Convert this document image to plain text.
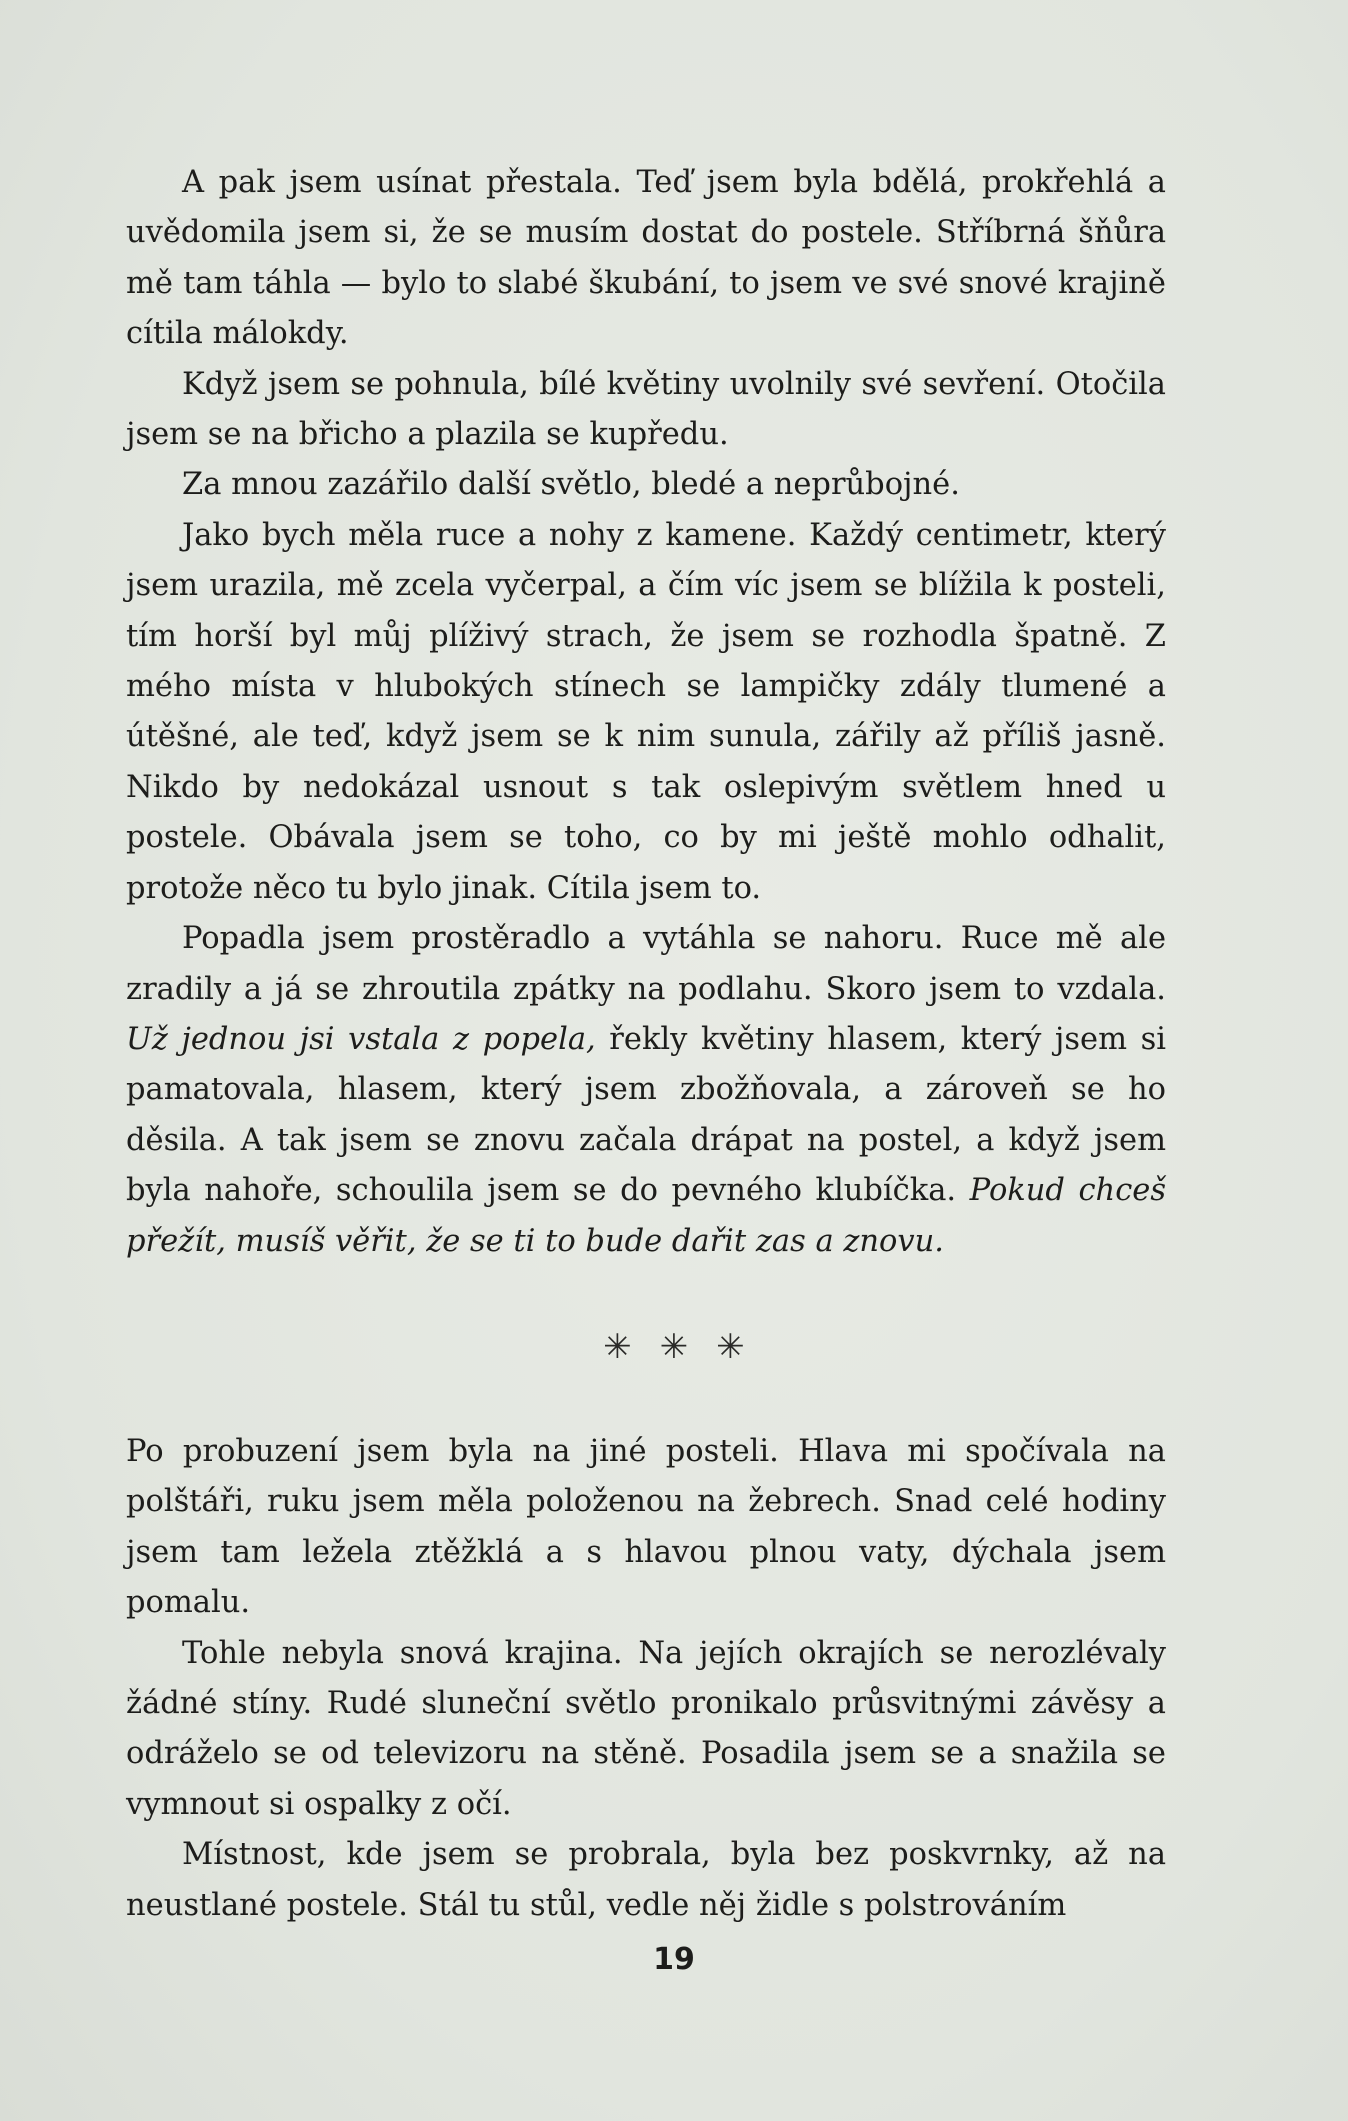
A pak jsem usínat přestala. Teď jsem byla bdělá, prokřehlá a uvědomila jsem si, že se musím dostat do postele. Stříbrná šňůra mě tam táhla — bylo to slabé škubání, to jsem ve své snové krajině cítila málokdy.

Když jsem se pohnula, bílé květiny uvolnily své sevření. Otočila jsem se na břicho a plazila se kupředu.

Za mnou zazářilo další světlo, bledé a neprůbojné.

Jako bych měla ruce a nohy z kamene. Každý centimetr, který jsem urazila, mě zcela vyčerpal, a čím víc jsem se blížila k posteli, tím horší byl můj plíživý strach, že jsem se rozhodla špatně. Z mého místa v hlubokých stínech se lampičky zdály tlumené a útěšné, ale teď, když jsem se k nim sunula, zářily až příliš jasně. Nikdo by nedokázal usnout s tak oslepivým světlem hned u postele. Obávala jsem se toho, co by mi ještě mohlo odhalit, protože něco tu bylo jinak. Cítila jsem to.

Popadla jsem prostěradlo a vytáhla se nahoru. Ruce mě ale zradily a já se zhroutila zpátky na podlahu. Skoro jsem to vzdala. Už jednou jsi vstala z popela, řekly květiny hlasem, který jsem si pamatovala, hlasem, který jsem zbožňovala, a zároveň se ho děsila. A tak jsem se znovu začala drápat na postel, a když jsem byla nahoře, schoulila jsem se do pevného klubíčka. Pokud chceš přežít, musíš věřit, že se ti to bude dařit zas a znovu.

✳ ✳ ✳

Po probuzení jsem byla na jiné posteli. Hlava mi spočívala na polštáři, ruku jsem měla položenou na žebrech. Snad celé hodiny jsem tam ležela ztěžklá a s hlavou plnou vaty, dýchala jsem pomalu.

Tohle nebyla snová krajina. Na jejích okrajích se nerozlévaly žádné stíny. Rudé sluneční světlo pronikalo průsvitnými závěsy a odráželo se od televizoru na stěně. Posadila jsem se a snažila se vymnout si ospalky z očí.

Místnost, kde jsem se probrala, byla bez poskvrnky, až na neustlané postele. Stál tu stůl, vedle něj židle s polstrováním

19
